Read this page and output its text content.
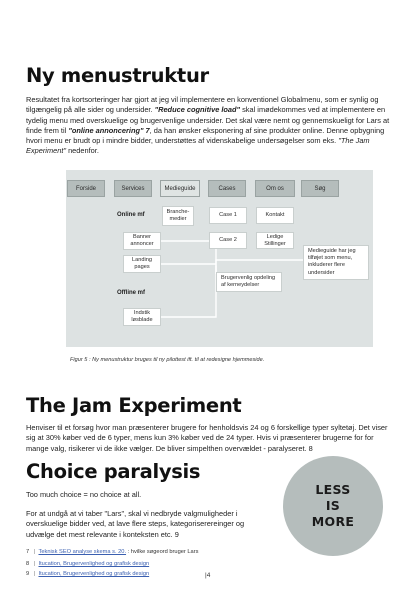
Ny menustruktur
Resultatet fra kortsorteringer har gjort at jeg vil implementere en konventionel Globalmenu, som er synlig og tilgængelig på alle sider og undersider. "Reduce cognitive load" skal imødekommes ved at implementere en tydelig menu med overskuelige og brugervenlige undersider. Det skal være nemt og gennemskueligt for Lars at finde frem til "online annoncering" 7, da han ønsker eksponering af sine produkter online. Denne opbygning hvori menu er brudt op i mindre bidder, understøttes af videnskabelige undersøgelser som eks. "The Jam Experiment" nedenfor.
Forside	Services	Medieguide	Cases	Om os	Søg
Online mf	Branche-medier
Case 1	Kontakt
Banner annoncer
Case 2
Ledige Stillinger
Landing pages
Brugervenlig opdeling af kerneydelser
Medieguide har jeg tilføjet som menu, inkluderer flere undersider
Offline mf
Indstik løsblade
Figur 5 : Ny menustruktur bruges til ny pilottest ift. til at redesigne hjemmeside.
The Jam Experiment
Henviser til et forsøg hvor man præsenterer brugere for henholdsvis 24 og 6 forskellige typer syltetøj. Det viser sig at 30% køber ved de 6 typer, mens kun 3% køber ved de 24 typer. Hvis vi præsenterer brugerne for for mange valg, risikerer vi de ikke vælger. De bliver simpelthen overvældet - paralyseret. 8
Choice paralysis
Too much choice = no choice at all.
For at undgå at vi taber "Lars", skal vi nedbryde valgmuligheder i overskuelige bidder ved, at lave flere steps, kategoriserereinger og udvælge det mest relevante i konteksten etc. 9
LESS
IS
MORE
7 | Teknisk SEO analyse skema s. 20. : hvilke søgeord bruger Lars
8 | Itucation, Brugervenlighed og grafisk design
9 | Itucation, Brugervenlighed og grafisk design	|4
